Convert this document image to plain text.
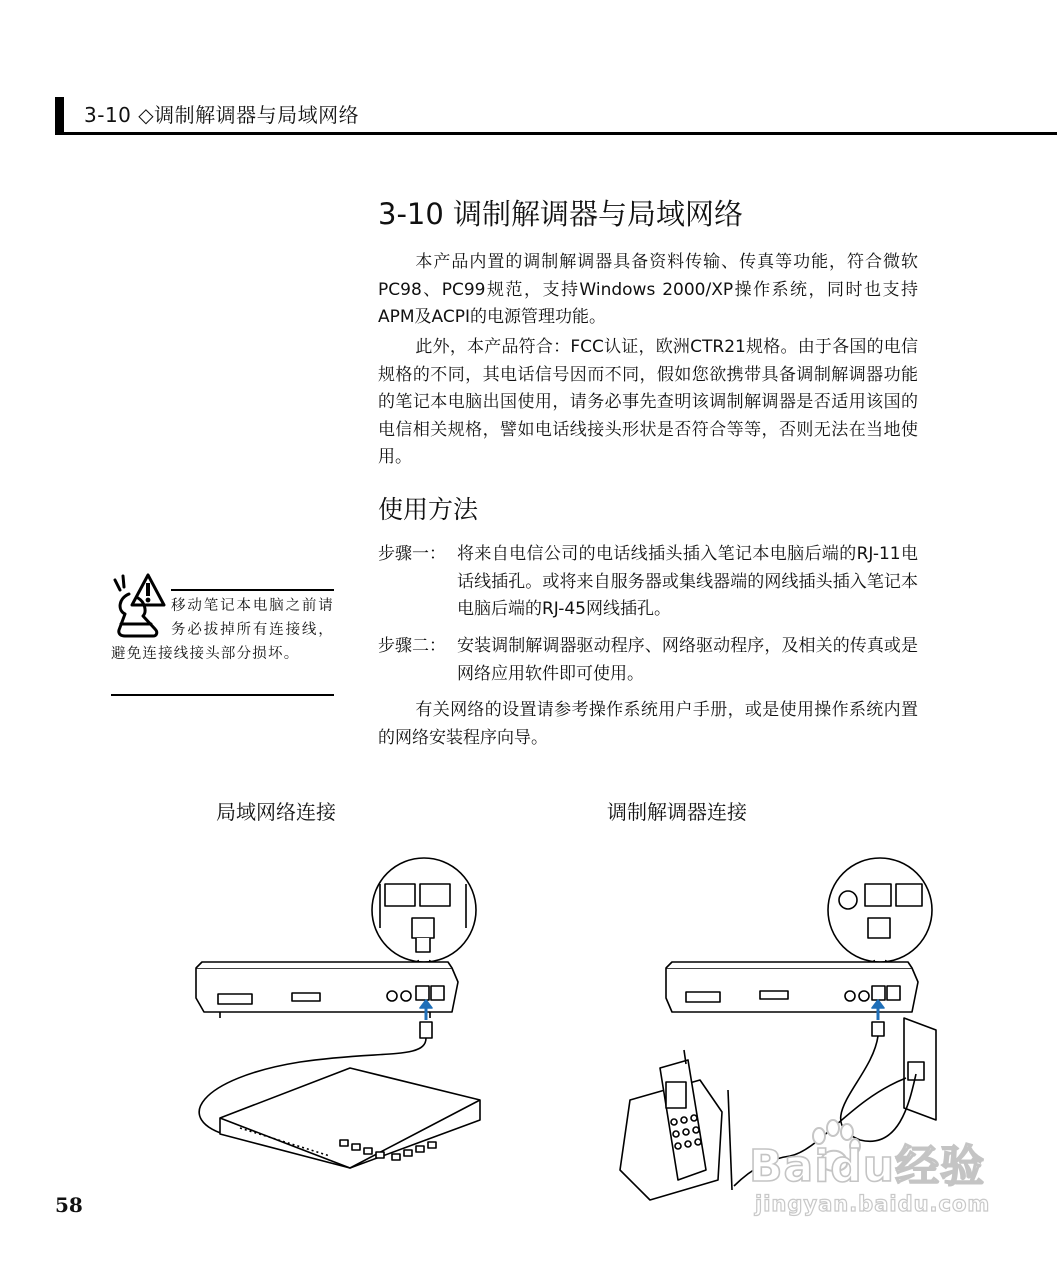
3-10 ◇调制解调器与局域网络
3-10 调制解调器与局域网络

本产品内置的调制解调器具备资料传输、传真等功能，符合微软PC98、PC99规范，支持Windows 2000/XP操作系统，同时也支持APM及ACPI的电源管理功能。

此外，本产品符合：FCC认证，欧洲CTR21规格。由于各国的电信规格的不同，其电话信号因而不同，假如您欲携带具备调制解调器功能的笔记本电脑出国使用，请务必事先查明该调制解调器是否适用该国的电信相关规格，譬如电话线接头形状是否符合等等，否则无法在当地使用。

使用方法
步骤一： 将来自电信公司的电话线插头插入笔记本电脑后端的RJ-11电话线插孔。或将来自服务器或集线器端的网线插头插入笔记本电脑后端的RJ-45网线插孔。
步骤二： 安装调制解调器驱动程序、网络驱动程序，及相关的传真或是网络应用软件即可使用。

有关网络的设置请参考操作系统用户手册，或是使用操作系统内置的网络安装程序向导。

移动笔记本电脑之前请务必拔掉所有连接线，避免连接线接头部分损坏。
局域网络连接	调制解调器连接
58
Baidu经验
jingyan.baidu.com
